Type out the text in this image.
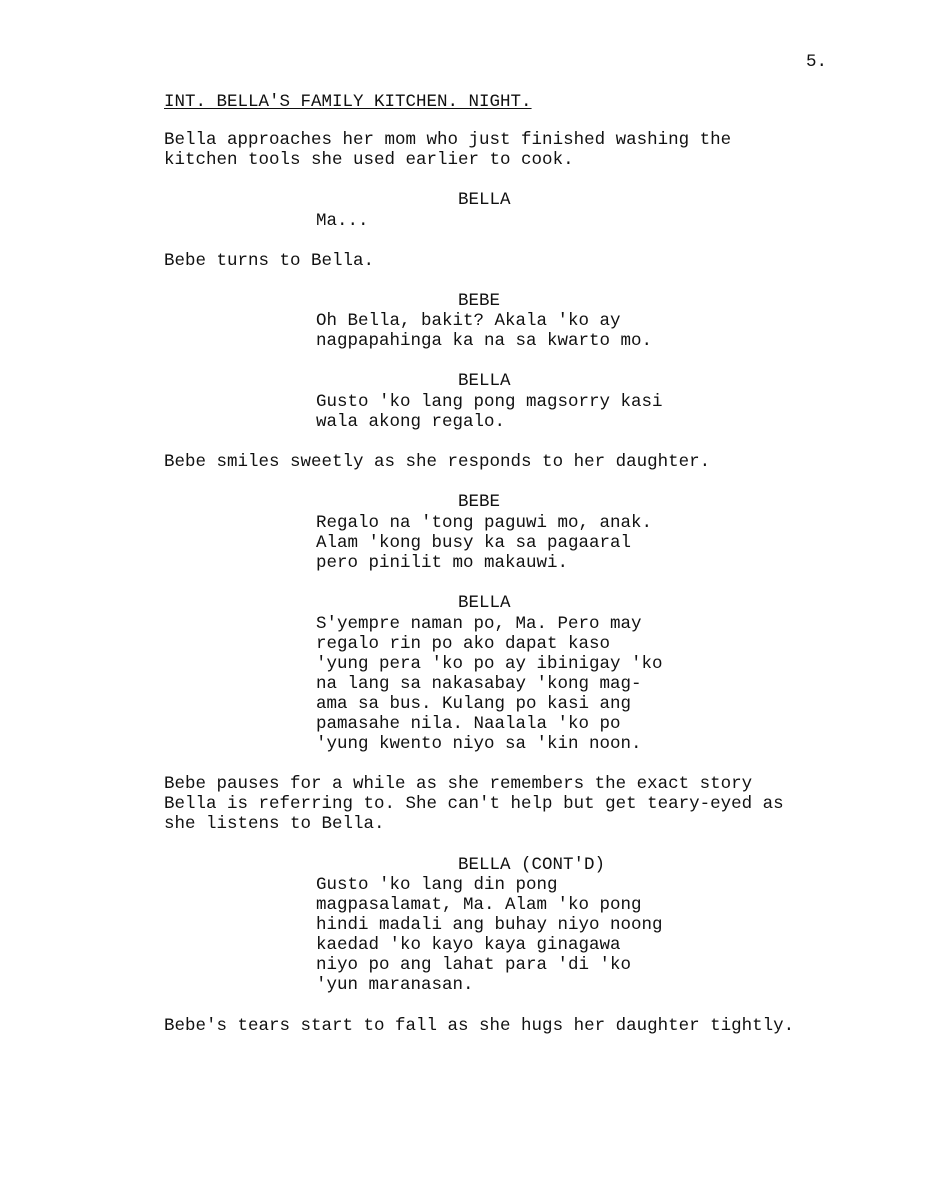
5.
INT. BELLA'S FAMILY KITCHEN. NIGHT.
Bella approaches her mom who just finished washing the
kitchen tools she used earlier to cook.
BELLA
Ma...
Bebe turns to Bella.
BEBE
Oh Bella, bakit? Akala 'ko ay
nagpapahinga ka na sa kwarto mo.
BELLA
Gusto 'ko lang pong magsorry kasi
wala akong regalo.
Bebe smiles sweetly as she responds to her daughter.
BEBE
Regalo na 'tong paguwi mo, anak.
Alam 'kong busy ka sa pagaaral
pero pinilit mo makauwi.
BELLA
S'yempre naman po, Ma. Pero may
regalo rin po ako dapat kaso
'yung pera 'ko po ay ibinigay 'ko
na lang sa nakasabay 'kong mag-
ama sa bus. Kulang po kasi ang
pamasahe nila. Naalala 'ko po
'yung kwento niyo sa 'kin noon.
Bebe pauses for a while as she remembers the exact story
Bella is referring to. She can't help but get teary-eyed as
she listens to Bella.
BELLA (CONT'D)
Gusto 'ko lang din pong
magpasalamat, Ma. Alam 'ko pong
hindi madali ang buhay niyo noong
kaedad 'ko kayo kaya ginagawa
niyo po ang lahat para 'di 'ko
'yun maranasan.
Bebe's tears start to fall as she hugs her daughter tightly.
